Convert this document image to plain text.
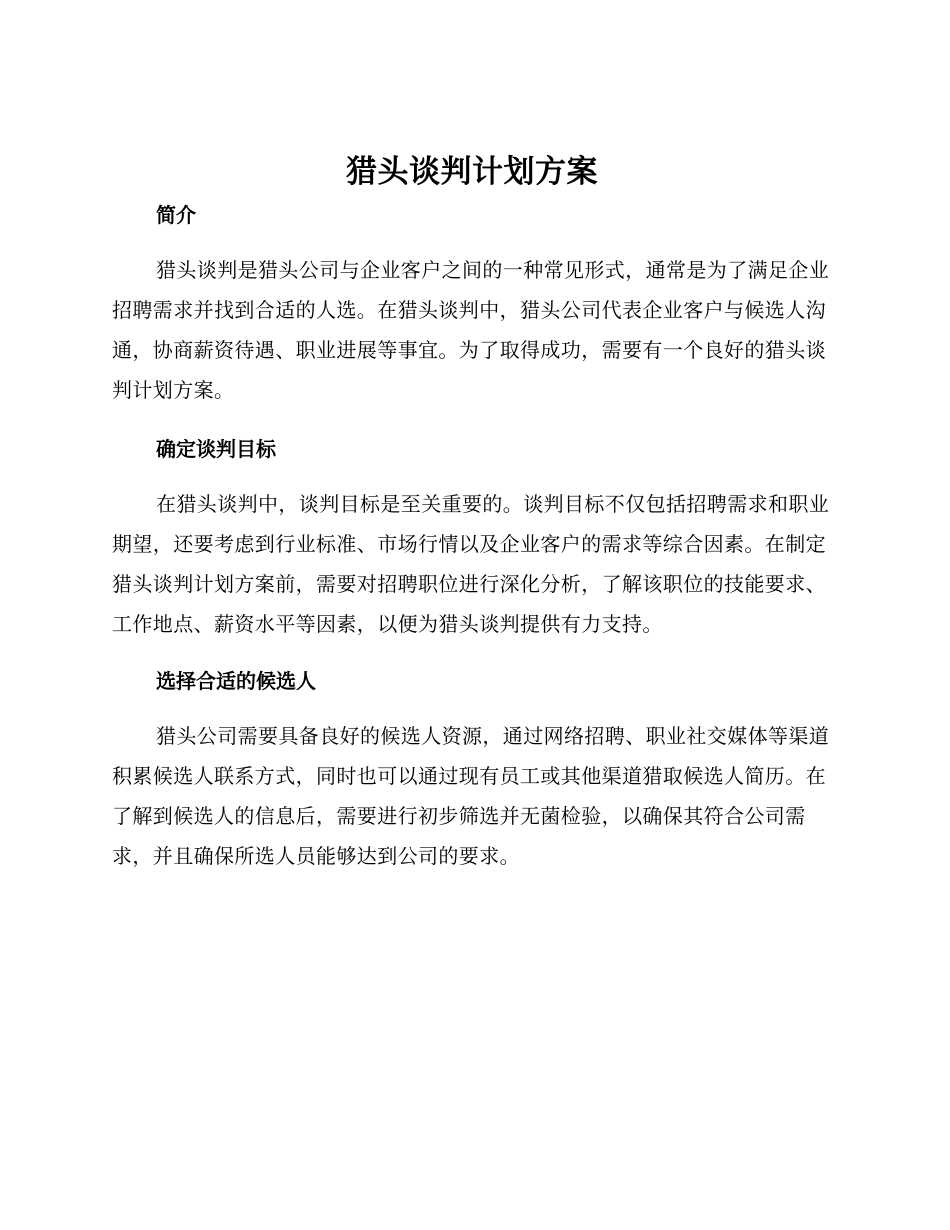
猎头谈判计划方案
简介

猎头谈判是猎头公司与企业客户之间的一种常见形式，通常是为了满足企业招聘需求并找到合适的人选。在猎头谈判中，猎头公司代表企业客户与候选人沟通，协商薪资待遇、职业进展等事宜。为了取得成功，需要有一个良好的猎头谈判计划方案。

确定谈判目标

在猎头谈判中，谈判目标是至关重要的。谈判目标不仅包括招聘需求和职业期望，还要考虑到行业标准、市场行情以及企业客户的需求等综合因素。在制定猎头谈判计划方案前，需要对招聘职位进行深化分析，了解该职位的技能要求、工作地点、薪资水平等因素，以便为猎头谈判提供有力支持。

选择合适的候选人

猎头公司需要具备良好的候选人资源，通过网络招聘、职业社交媒体等渠道积累候选人联系方式，同时也可以通过现有员工或其他渠道猎取候选人简历。在了解到候选人的信息后，需要进行初步筛选并无菌检验，以确保其符合公司需求，并且确保所选人员能够达到公司的要求。
